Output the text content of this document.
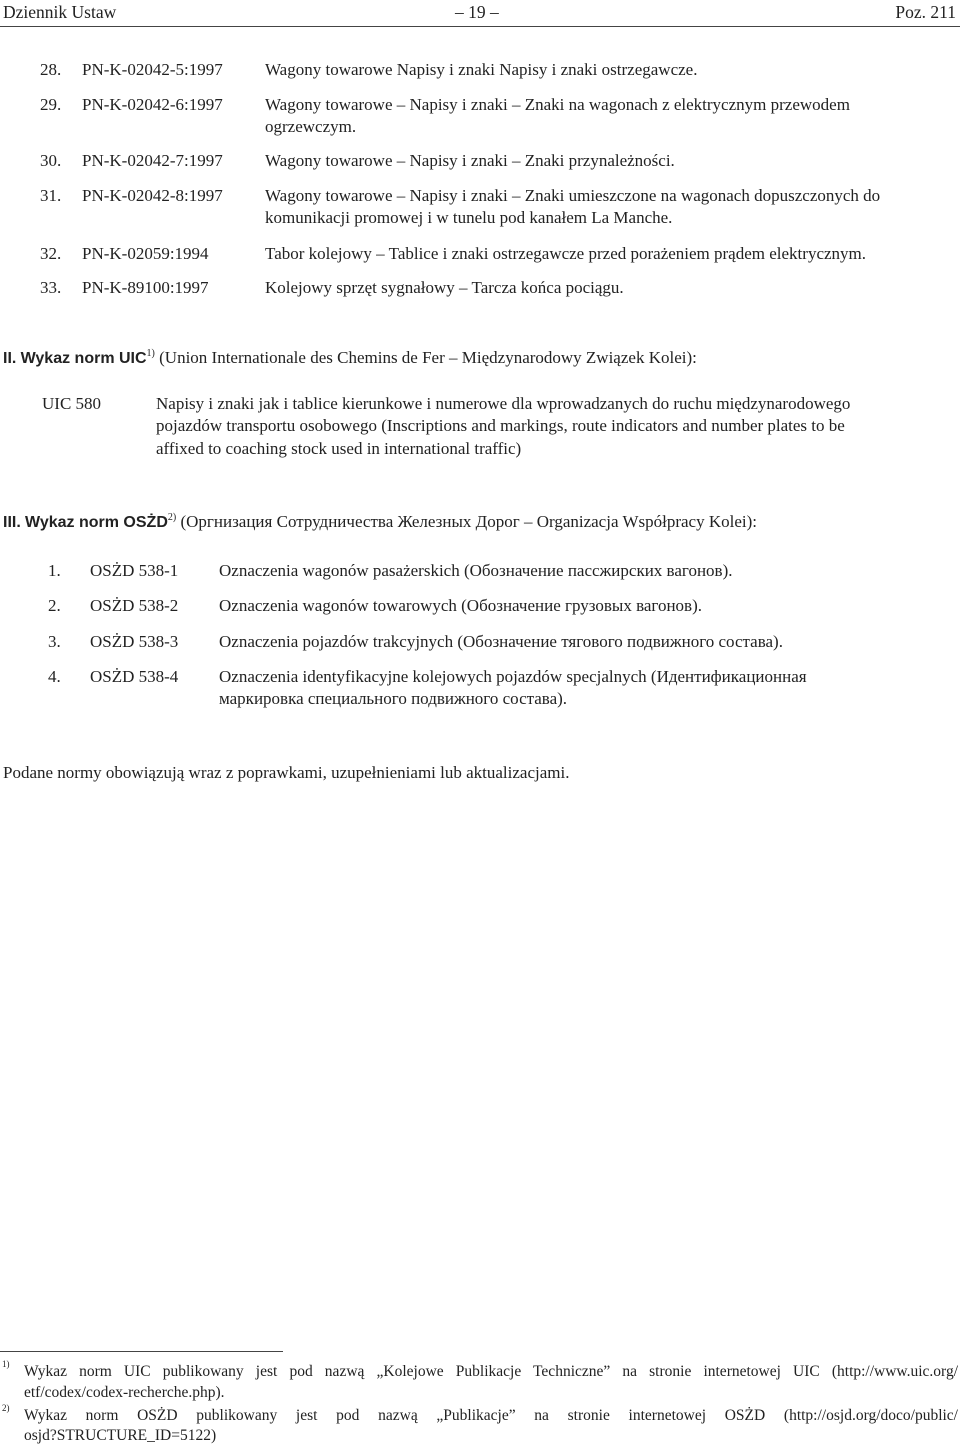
Dziennik Ustaw	– 19 –	Poz. 211
28. PN-K-02042-5:1997 Wagony towarowe Napisy i znaki Napisy i znaki ostrzegawcze.
29. PN-K-02042-6:1997 Wagony towarowe – Napisy i znaki – Znaki na wagonach z elektrycznym przewodem
ogrzewczym.
30. PN-K-02042-7:1997 Wagony towarowe – Napisy i znaki – Znaki przynależności.
31. PN-K-02042-8:1997 Wagony towarowe – Napisy i znaki – Znaki umieszczone na wagonach dopuszczonych do
komunikacji promowej i w tunelu pod kanałem La Manche.
32. PN-K-02059:1994	Tabor kolejowy – Tablice i znaki ostrzegawcze przed porażeniem prądem elektrycznym.
33. PN-K-89100:1997	Kolejowy sprzęt sygnałowy – Tarcza końca pociągu.
II. Wykaz norm UIC$^{1)}$ (Union Internationale des Chemins de Fer – Międzynarodowy Związek Kolei):
UIC 580	Napisy i znaki jak i tablice kierunkowe i numerowe dla wprowadzanych do ruchu międzynarodowego
pojazdów transportu osobowego (Inscriptions and markings, route indicators and number plates to be
affixed to coaching stock used in international traffic)
III. Wykaz norm OSŻD$^{2)}$ (Оргнизация Сотрудничества Железных Дорог – Organizacja Współpracy Kolei):
1. OSŻD 538-1 Oznaczenia wagonów pasażerskich (Обозначение пассжирских вагонов).
2. OSŻD 538-2 Oznaczenia wagonów towarowych (Обозначение грузовых вагонов).
3. OSŻD 538-3 Oznaczenia pojazdów trakcyjnych (Обозначение тягового подвижного состава).
4. OSŻD 538-4 Oznaczenia identyfikacyjne kolejowych pojazdów specjalnych (Идентификационная
маркировка специального подвижного состава).
Podane normy obowiązują wraz z poprawkami, uzupełnieniami lub aktualizacjami.
$^{1)}$ Wykaz norm UIC publikowany jest pod nazwą „Kolejowe Publikacje Techniczne” na stronie internetowej UIC (http://www.uic.org/
etf/codex/codex-recherche.php).
$^{2)}$ Wykaz norm OSŻD publikowany jest pod nazwą „Publikacje” na stronie internetowej OSŻD (http://osjd.org/doco/public/
osjd?STRUCTURE_ID=5122)
